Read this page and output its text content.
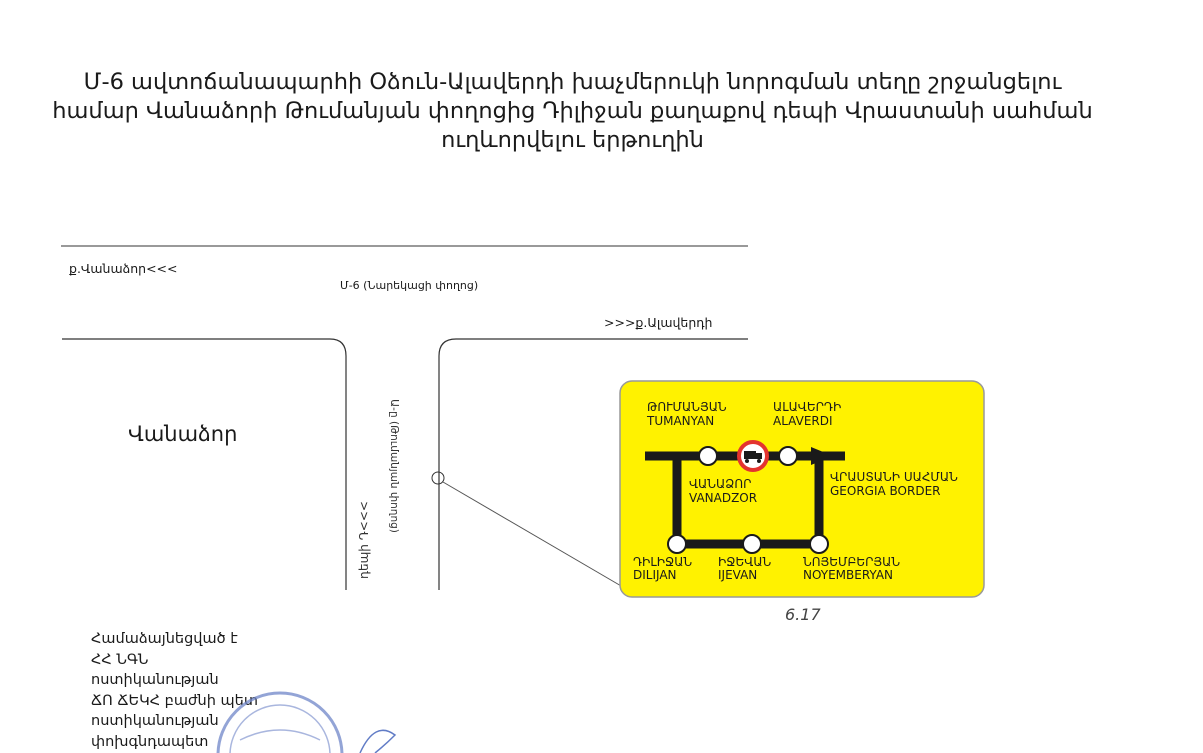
Մ-6 ավտոճանապարհի Օձուն-Ալավերդի խաչմերուկի նորոգման տեղը շրջանցելու
համար Վանաձորի Թումանյան փողոցից Դիլիջան քաղաքով դեպի Վրաստանի սահման
ուղևորվելու երթուղին
Ա-ը (Թումանյան փողոց)
դեպի Դ<<<
ք.Վանաձոր<<<
Մ-6 (Նարեկացի փողոց)
>>>ք.Ալավերդի
Վանաձոր
ԹՈՒՄԱՆՅԱՆ
TUMANYAN
ԱԼԱՎԵՐԴԻ
ALAVERDI
ՎԱՆԱՁՈՐ
VANADZOR
ՎՐԱՍՏԱՆԻ ՍԱՀՄԱՆ
GEORGIA BORDER
ԴԻԼԻՋԱՆ
DILIJAN
ԻՋԵՎԱՆ
IJEVAN
ՆՈՅԵՄԲԵՐՅԱՆ
NOYEMBERYAN
6.17
Համաձայնեցված է
ՀՀ ՆԳՆ
ոստիկանության
ՃՈ ՃԵԿՀ բաժնի պետ
ոստիկանության
փոխգնդապետ
